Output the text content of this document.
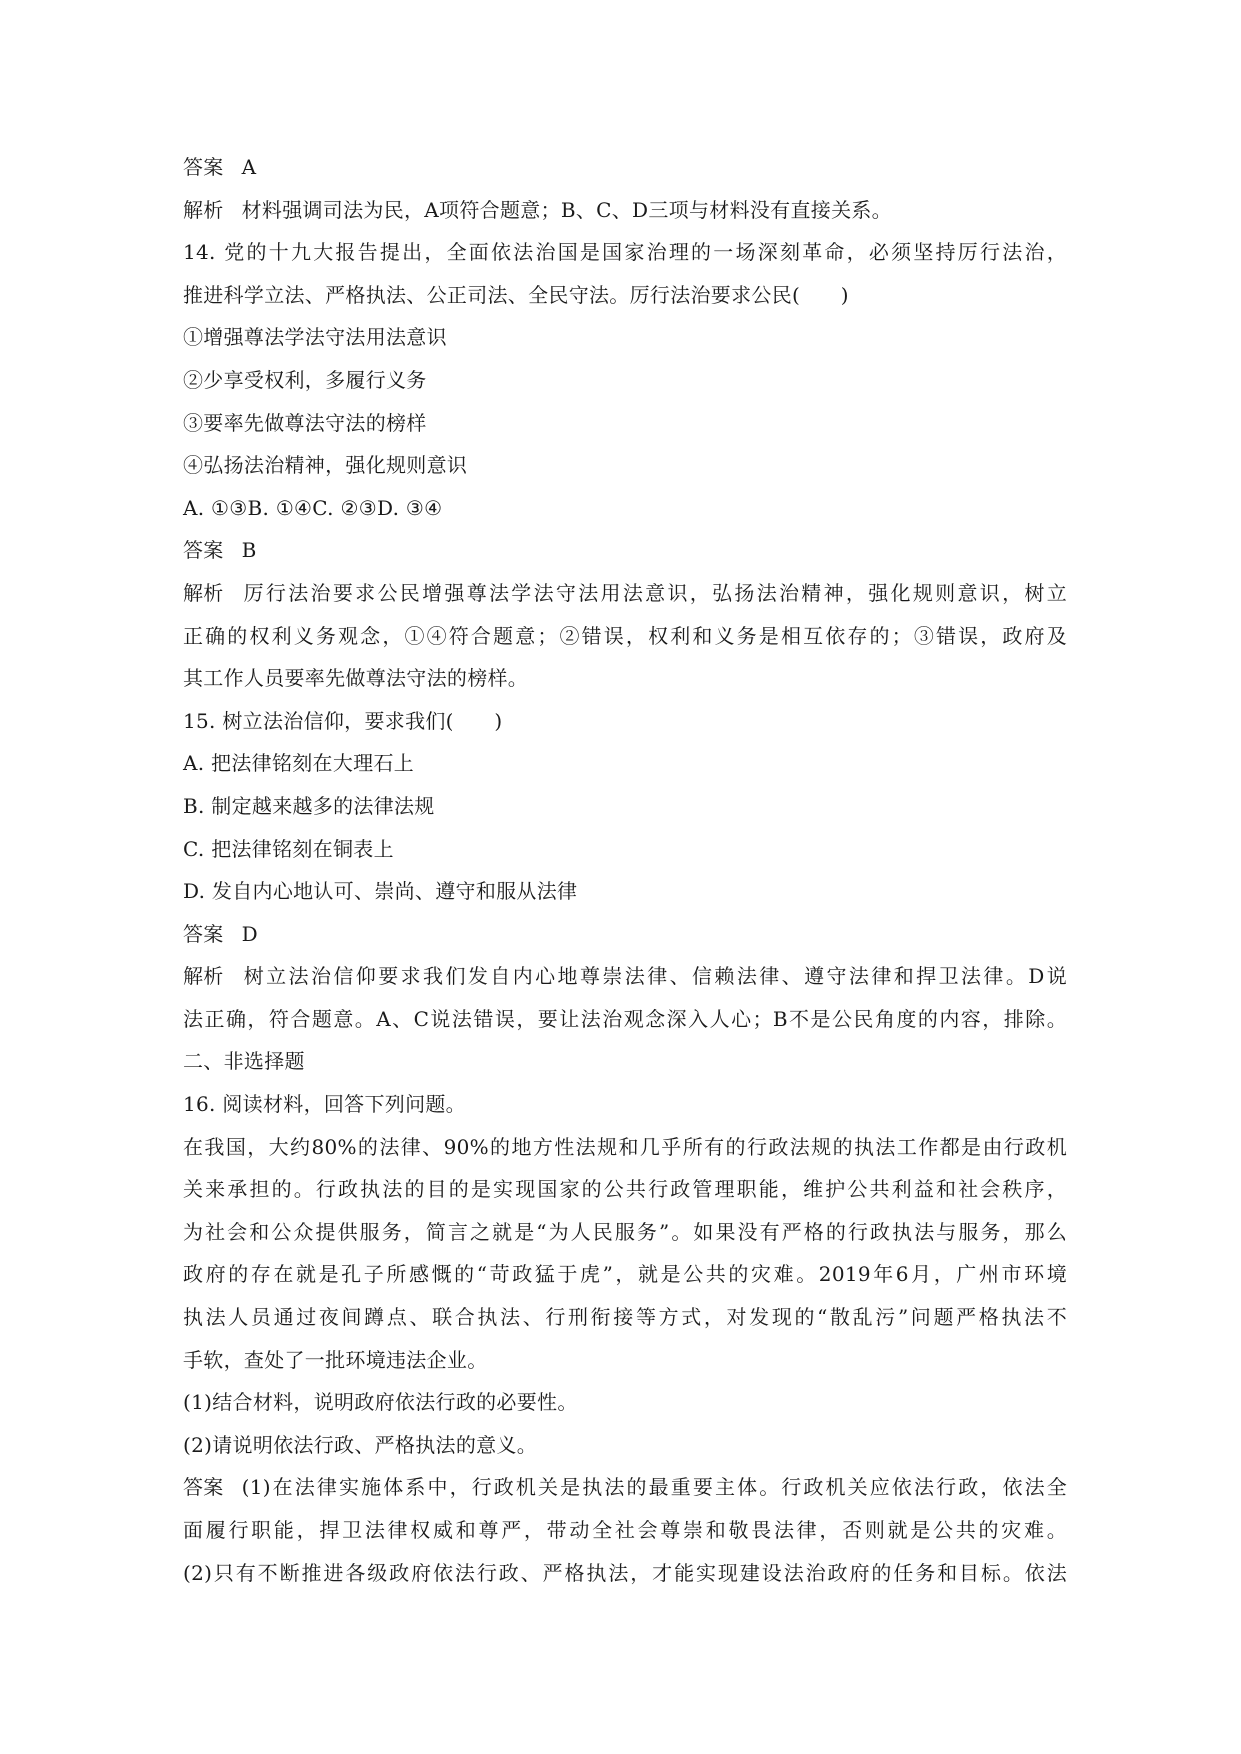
答案 A
解析 材料强调司法为民，A项符合题意；B、C、D三项与材料没有直接关系。
14. 党的十九大报告提出，全面依法治国是国家治理的一场深刻革命，必须坚持厉行法治，
推进科学立法、严格执法、公正司法、全民守法。厉行法治要求公民(　　)
①增强尊法学法守法用法意识
②少享受权利，多履行义务
③要率先做尊法守法的榜样
④弘扬法治精神，强化规则意识
A. ①③B. ①④C. ②③D. ③④
答案 B
解析 厉行法治要求公民增强尊法学法守法用法意识，弘扬法治精神，强化规则意识，树立
正确的权利义务观念，①④符合题意；②错误，权利和义务是相互依存的；③错误，政府及
其工作人员要率先做尊法守法的榜样。
15. 树立法治信仰，要求我们(　　)
A. 把法律铭刻在大理石上
B. 制定越来越多的法律法规
C. 把法律铭刻在铜表上
D. 发自内心地认可、崇尚、遵守和服从法律
答案 D
解析 树立法治信仰要求我们发自内心地尊崇法律、信赖法律、遵守法律和捍卫法律。D说
法正确，符合题意。A、C说法错误，要让法治观念深入人心；B不是公民角度的内容，排除。
二、非选择题
16. 阅读材料，回答下列问题。
在我国，大约80%的法律、90%的地方性法规和几乎所有的行政法规的执法工作都是由行政机
关来承担的。行政执法的目的是实现国家的公共行政管理职能，维护公共利益和社会秩序，
为社会和公众提供服务，简言之就是“为人民服务”。如果没有严格的行政执法与服务，那么
政府的存在就是孔子所感慨的“苛政猛于虎”，就是公共的灾难。2019年6月，广州市环境
执法人员通过夜间蹲点、联合执法、行刑衔接等方式，对发现的“散乱污”问题严格执法不
手软，查处了一批环境违法企业。
(1)结合材料，说明政府依法行政的必要性。
(2)请说明依法行政、严格执法的意义。
答案 (1)在法律实施体系中，行政机关是执法的最重要主体。行政机关应依法行政，依法全
面履行职能，捍卫法律权威和尊严，带动全社会尊崇和敬畏法律，否则就是公共的灾难。
(2)只有不断推进各级政府依法行政、严格执法，才能实现建设法治政府的任务和目标。依法
